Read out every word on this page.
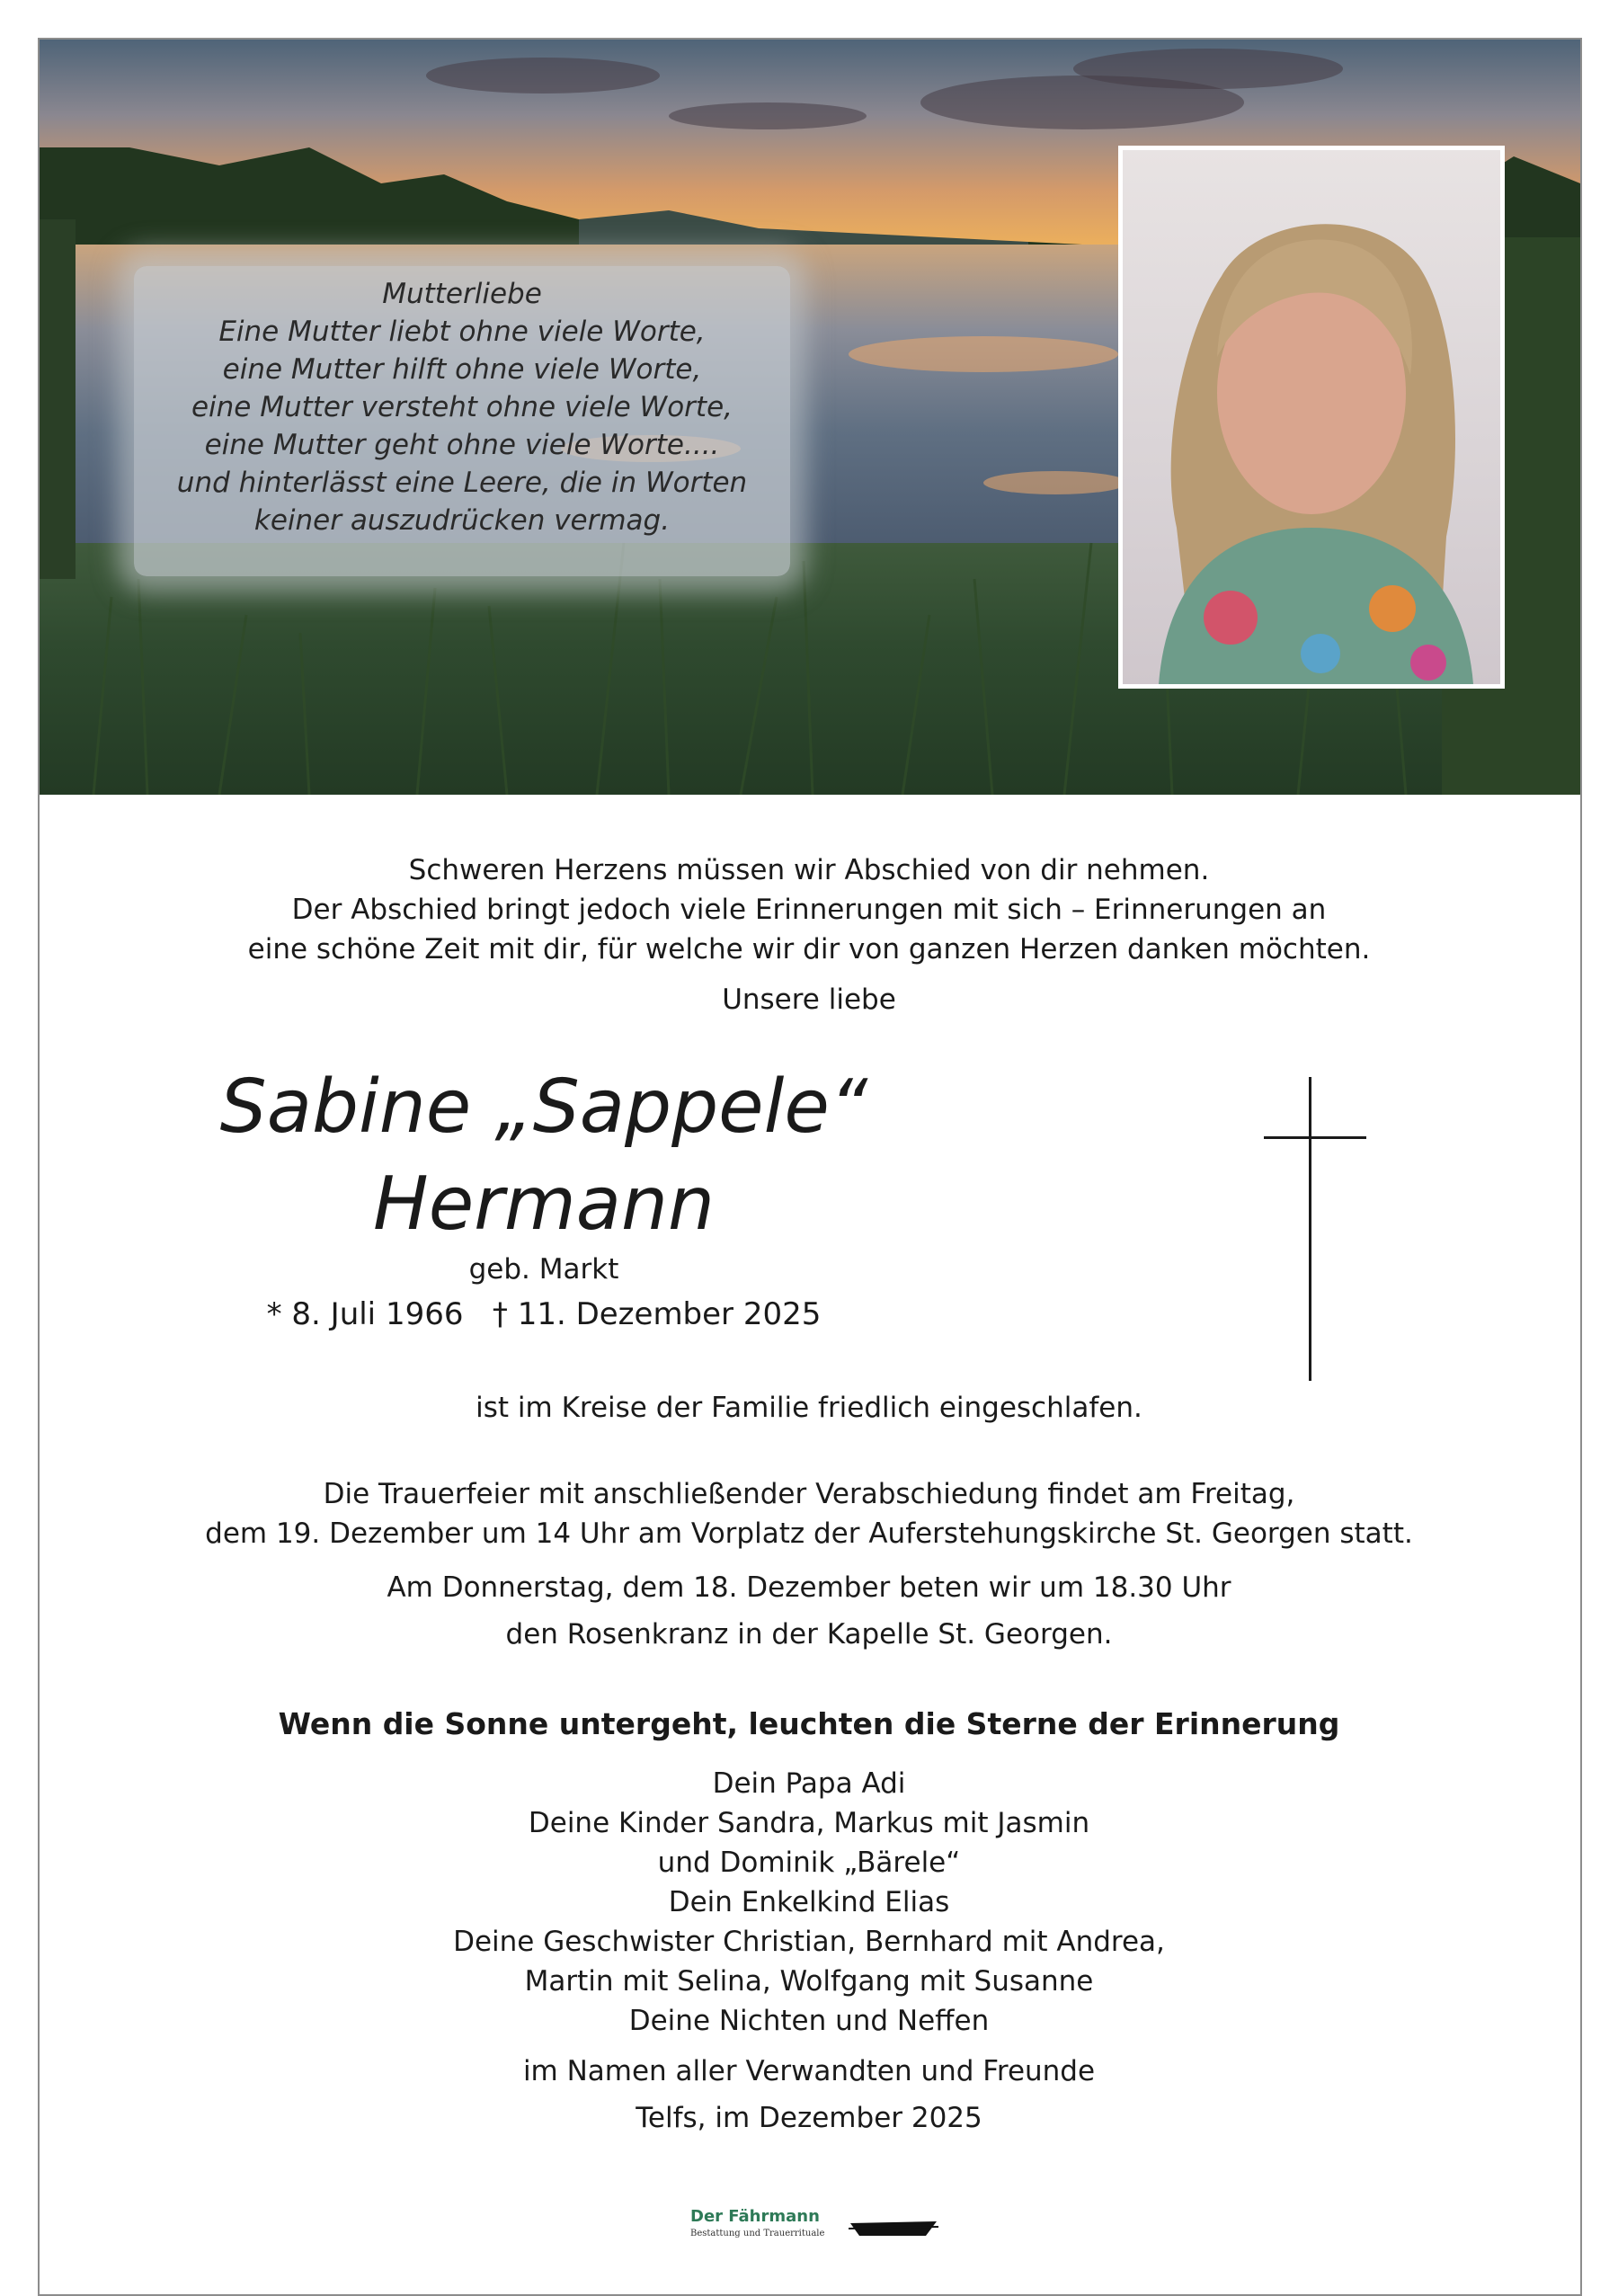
Mutterliebe
Eine Mutter liebt ohne viele Worte,
eine Mutter hilft ohne viele Worte,
eine Mutter versteht ohne viele Worte,
eine Mutter geht ohne viele Worte....
und hinterlässt eine Leere, die in Worten
keiner auszudrücken vermag.
Der Fährmann
Bestattung und Trauerrituale
Schweren Herzens müssen wir Abschied von dir nehmen.
Der Abschied bringt jedoch viele Erinnerungen mit sich – Erinnerungen an
eine schöne Zeit mit dir, für welche wir dir von ganzen Herzen danken möchten.
Unsere liebe
Sabine „Sappele“
Hermann
geb. Markt
* 8. Juli 1966   † 11. Dezember 2025
ist im Kreise der Familie friedlich eingeschlafen.
Die Trauerfeier mit anschließender Verabschiedung findet am Freitag,
dem 19. Dezember um 14 Uhr am Vorplatz der Auferstehungskirche St. Georgen statt.
Am Donnerstag, dem 18. Dezember beten wir um 18.30 Uhr
den Rosenkranz in der Kapelle St. Georgen.
Wenn die Sonne untergeht, leuchten die Sterne der Erinnerung
Dein Papa Adi
Deine Kinder Sandra, Markus mit Jasmin
und Dominik „Bärele“
Dein Enkelkind Elias
Deine Geschwister Christian, Bernhard mit Andrea,
Martin mit Selina, Wolfgang mit Susanne
Deine Nichten und Neffen
im Namen aller Verwandten und Freunde
Telfs, im Dezember 2025
